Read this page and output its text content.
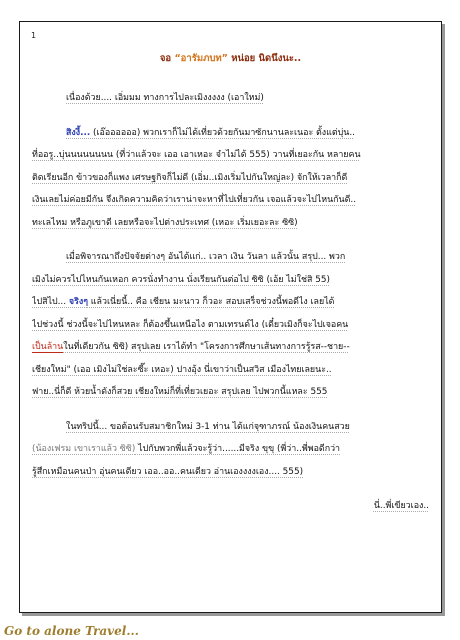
1
จอ “อารัมภบท” หน่อย นิดนึงนะ..
เนื่องด้วย.... เอิ่มมม ทางการไปละเมิงงงงง (เอาใหม่)
สิงงี้... (เอ๊ออออออ) พวกเราก็ไม่ได้เที่ยวด้วยกันมาซักนานละเนอะ ตั้งแต่บุ่น..
ที่ออรู..บุ่นนนนนนนน (ที่ว่าแล้วจะ เออ เอาเหอะ จำไม่ได้ 555) วานที่เยอะกัน หลายคน
ติดเรียนอีก ข้าวของก็แพง เศรษฐกิจก็ไม่ดี (เอิ่ม..เมิงเริ่มไปกันใหญ่ละ) จักให้เวลาก็ดี
เงินเลยไม่ค่อยมีกัน จึงเกิดความคิดว่าเราน่าจะหาที่ไปเที่ยวกัน เจอแล้วจะไปไหนกันดี..
ทะเลไหม หรือภูเขาดี เลยหรือจะไปต่างประเทศ (เหอะ เริ่มเยอะละ ซิซิ)
เมื่อพิจารณาถึงปัจจัยต่างๆ อันได้แก่.. เวลา เงิน วันลา แล้วนั้น สรุป... พวก
เมิงไม่ควรไปไหนกันเหอก ควรนั่งทำงาน นั่งเรียนกันต่อไป ซิซิ (เอ้ย ไม่ใช่สิ 55)
ไปสิไป... จริงๆ แล้วเนี่ยนี้.. คือ เชียน มะนาว ก็วอะ สอบเสร็จช่วงนี้พอดีไง เลยได้
ไปช่วงนี้ ช่วงนี้จะไปไหนหละ ก็ต้องขึ้นเหนือไง ตามเทรนด์ไง (เดี๋ยวเมิงก็จะไปเจอคน
เป็นล้านในที่เดียวกัน ซิซิ) สรุปเลย เราได้ทำ "โครงการศึกษาเส้นทางการรู้รส--ชาย--
เชียงใหม่" (เออ เมิงไม่ใช่ละซี๊ะ เหอะ) ปางอุ้ง นี่เขาว่าเป็นสวิส เมืองไทยเลยนะ..
ฟาย..นี่ก็ดี ห้วยน้ำดังก็สวย เชียงใหม่ก็ที่เที่ยวเยอะ สรุปเลย ไปพวกนี้แหละ 555
ในทริปนี้... ขอต้อนรับสมาชิกใหม่ 3-1 ท่าน ได้แก่จุฑาภรณ์ น้องเงินคนสวย
(น้องเฟรม เขาเราแล้ว ซิซิ) ไปกับพวกพี่แล้วจะรู้ว่า......มีจริง ขุขุ (พี่ว่า..พี่พอดีกว่า
รู้สึกเหมือนคนป่า อุ่นคนเดียว เออ..ออ..คนเดียว อ่านเองงงงเอง.... 555)
นี่..พี่เขียวเอง..
Go to alone Travel...
